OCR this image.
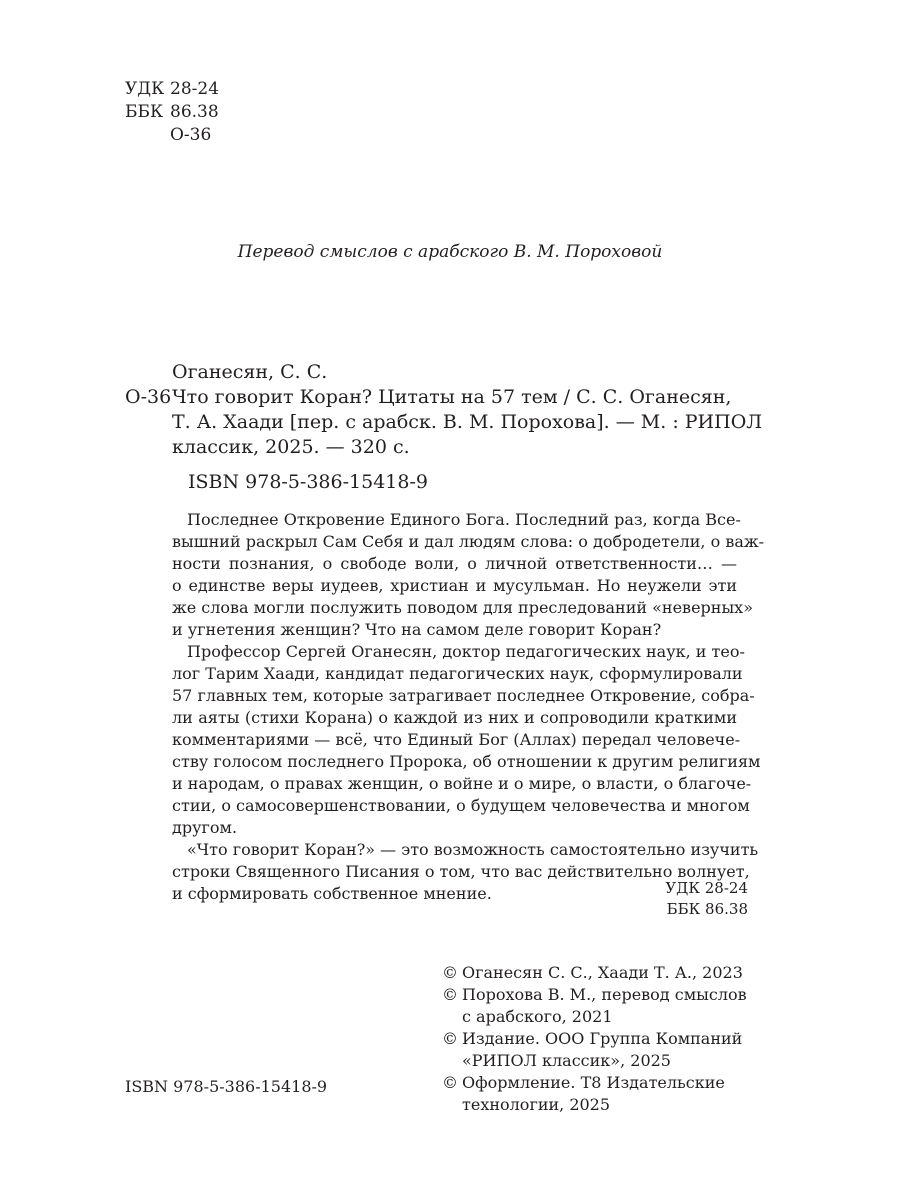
УДК 28-24
ББК 86.38
О-36
Перевод смыслов с арабского В. М. Пороховой
Оганесян, С. С.
О-36 Что говорит Коран? Цитаты на 57 тем / С. С. Оганесян,
Т. А. Хаади [пер. с арабск. В. М. Порохова]. — М. : РИПОЛ
классик, 2025. — 320 с.
ISBN 978-5-386-15418-9
Последнее Откровение Единого Бога. Последний раз, когда Все-
вышний раскрыл Сам Себя и дал людям слова: о добродетели, о важ-
ности познания, о свободе воли, о личной ответственности… —
о единстве веры иудеев, христиан и мусульман. Но неужели эти
же слова могли послужить поводом для преследований «неверных»
и угнетения женщин? Что на самом деле говорит Коран?
Профессор Сергей Оганесян, доктор педагогических наук, и тео-
лог Тарим Хаади, кандидат педагогических наук, сформулировали
57 главных тем, которые затрагивает последнее Откровение, собра-
ли аяты (стихи Корана) о каждой из них и сопроводили краткими
комментариями — всё, что Единый Бог (Аллах) передал человече-
ству голосом последнего Пророка, об отношении к другим религиям
и народам, о правах женщин, о войне и о мире, о власти, о благоче-
стии, о самосовершенствовании, о будущем человечества и многом
другом.
«Что говорит Коран?» — это возможность самостоятельно изучить
строки Священного Писания о том, что вас действительно волнует,
и сформировать собственное мнение.	УДК 28-24
ББК 86.38
© Оганесян С. С., Хаади Т. А., 2023
© Порохова В. М., перевод смыслов
с арабского, 2021
© Издание. ООО Группа Компаний
«РИПОЛ классик», 2025
© Оформление. Т8 Издательские
технологии, 2025
ISBN 978-5-386-15418-9
